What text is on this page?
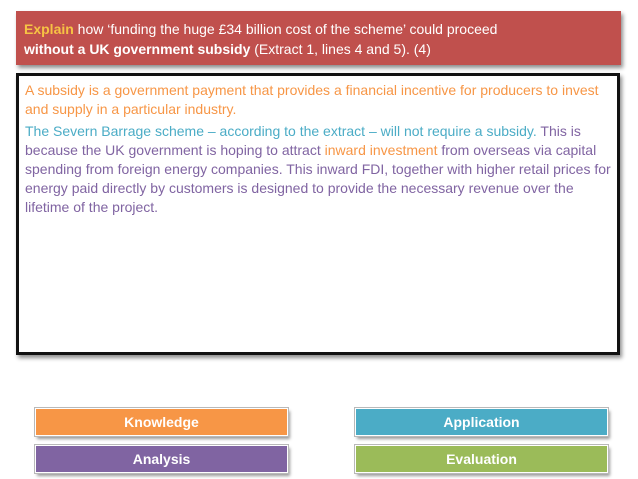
Explain how ‘funding the huge £34 billion cost of the scheme’ could proceed
without a UK government subsidy (Extract 1, lines 4 and 5). (4)

A subsidy is a government payment that provides a financial incentive for producers to invest and supply in a particular industry.

The Severn Barrage scheme – according to the extract – will not require a subsidy. This is because the UK government is hoping to attract inward investment from overseas via capital spending from foreign energy companies. This inward FDI, together with higher retail prices for energy paid directly by customers is designed to provide the necessary revenue over the lifetime of the project.

Knowledge	Application
Analysis	Evaluation
